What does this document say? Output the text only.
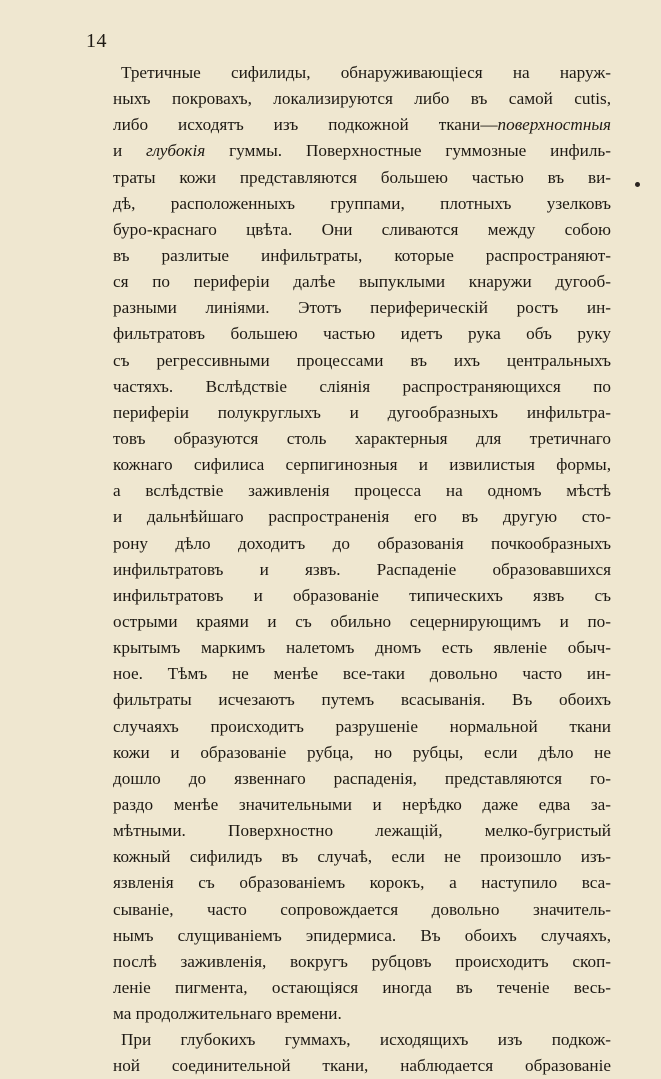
14
Третичные сифилиды, обнаруживающіеся на наруж-
ныхъ покровахъ, локализируются либо въ самой cutis,
либо исходятъ изъ подкожной ткани—поверхностныя
и глубокія гуммы. Поверхностные гуммозные инфиль-
траты кожи представляются большею частью въ ви-
дѣ, расположенныхъ группами, плотныхъ узелковъ
буро-краснаго цвѣта. Они сливаются между собою
въ разлитые инфильтраты, которые распространяют-
ся по периферіи далѣе выпуклыми кнаружи дугооб-
разными линіями. Этотъ периферическій ростъ ин-
фильтратовъ большею частью идетъ рука объ руку
съ регрессивными процессами въ ихъ центральныхъ
частяхъ. Вслѣдствіе сліянія распространяющихся по
периферіи полукруглыхъ и дугообразныхъ инфильтра-
товъ образуются столь характерныя для третичнаго
кожнаго сифилиса серпигинозныя и извилистыя формы,
а вслѣдствіе заживленія процесса на одномъ мѣстѣ
и дальнѣйшаго распространенія его въ другую сто-
рону дѣло доходитъ до образованія почкообразныхъ
инфильтратовъ и язвъ. Распаденіе образовавшихся
инфильтратовъ и образованіе типическихъ язвъ съ
острыми краями и съ обильно сецернирующимъ и по-
крытымъ маркимъ налетомъ дномъ есть явленіе обыч-
ное. Тѣмъ не менѣе все-таки довольно часто ин-
фильтраты исчезаютъ путемъ всасыванія. Въ обоихъ
случаяхъ происходитъ разрушеніе нормальной ткани
кожи и образованіе рубца, но рубцы, если дѣло не
дошло до язвеннаго распаденія, представляются го-
раздо менѣе значительными и нерѣдко даже едва за-
мѣтными. Поверхностно лежащій, мелко-бугристый
кожный сифилидъ въ случаѣ, если не произошло изъ-
язвленія съ образованіемъ корокъ, а наступило вса-
сываніе, часто сопровождается довольно значитель-
нымъ слущиваніемъ эпидермиса. Въ обоихъ случаяхъ,
послѣ заживленія, вокругъ рубцовъ происходитъ скоп-
леніе пигмента, остающіяся иногда въ теченіе весь-
ма продолжительнаго времени.
При глубокихъ гуммахъ, исходящихъ изъ подкож-
ной соединительной ткани, наблюдается образованіе
